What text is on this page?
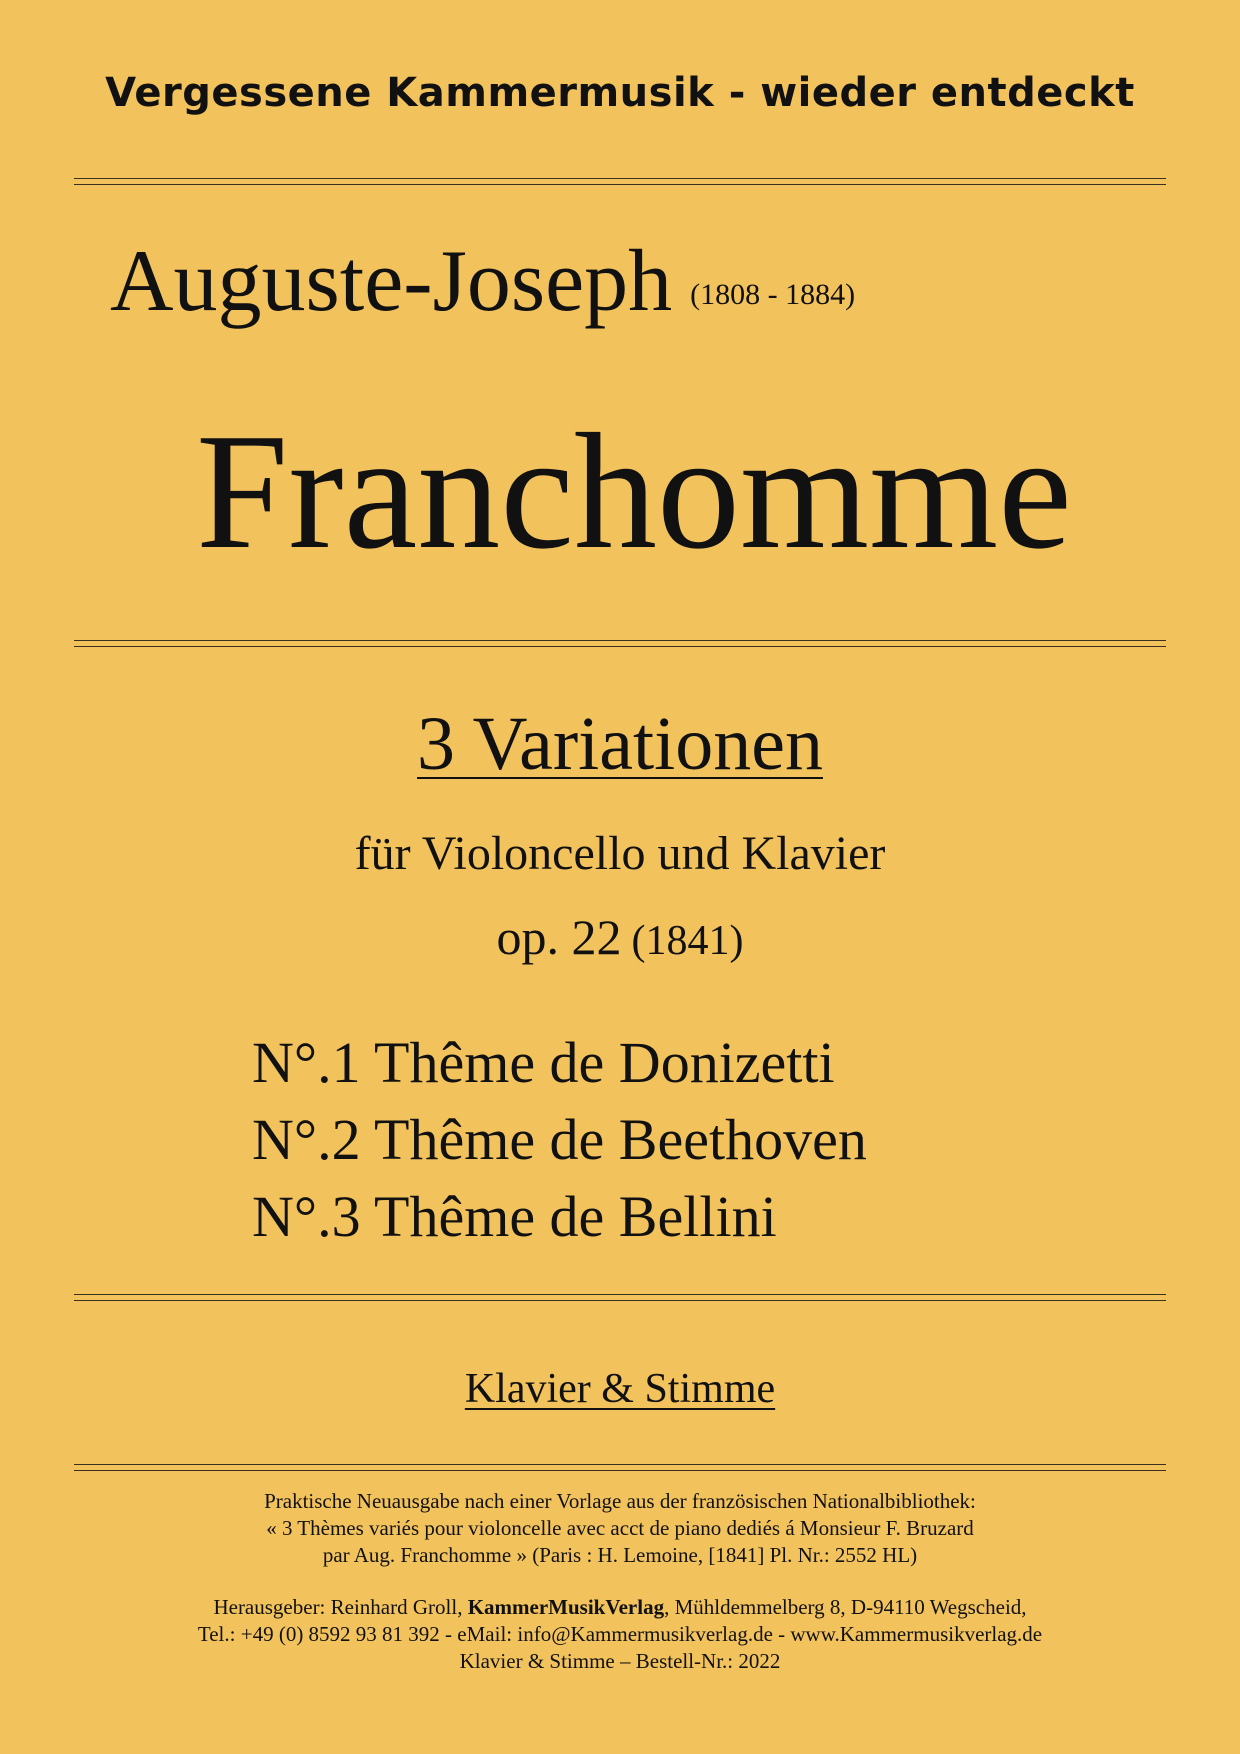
Vergessene Kammermusik - wieder entdeckt
Auguste-Joseph (1808 - 1884)
Franchomme
3 Variationen
für Violoncello und Klavier
op. 22 (1841)
N°.1 Thême de Donizetti
N°.2 Thême de Beethoven
N°.3 Thême de Bellini
Klavier & Stimme

Praktische Neuausgabe nach einer Vorlage aus der französischen Nationalbibliothek:

« 3 Thèmes variés pour violoncelle avec acct de piano dediés á Monsieur F. Bruzard

par Aug. Franchomme » (Paris : H. Lemoine, [1841] Pl. Nr.: 2552 HL)

Herausgeber: Reinhard Groll, KammerMusikVerlag, Mühldemmelberg 8, D-94110 Wegscheid,

Tel.: +49 (0) 8592 93 81 392 - eMail: info@Kammermusikverlag.de - www.Kammermusikverlag.de

Klavier & Stimme – Bestell-Nr.: 2022
